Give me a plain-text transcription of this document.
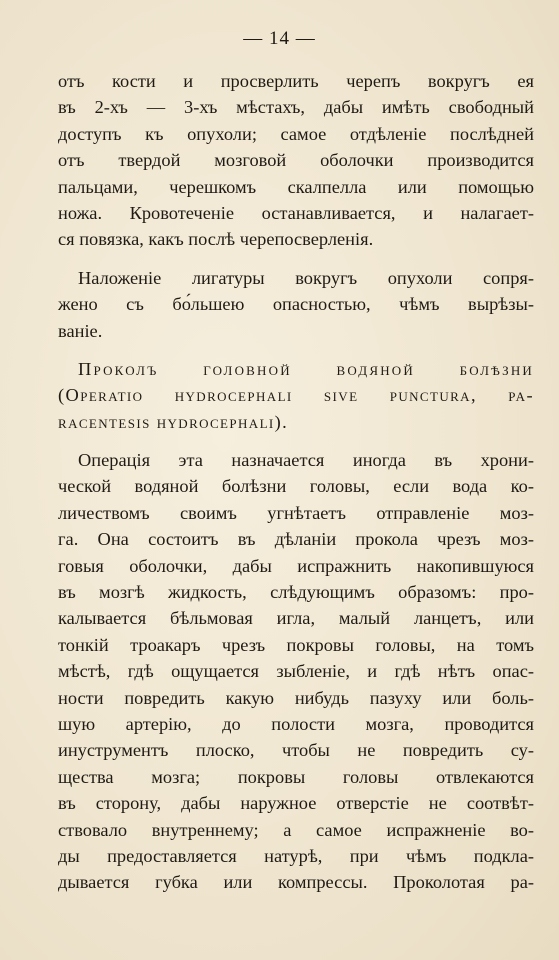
— 14 —
отъ кости и просверлить черепъ вокругъ ея
въ 2-хъ — 3-хъ мѣстахъ, дабы имѣть свободный
доступъ къ опухоли; самое отдѣленіе послѣдней
отъ твердой мозговой оболочки производится
пальцами, черешкомъ скалпелла или помощью
ножа. Кровотеченіе останавливается, и налагает-
ся повязка, какъ послѣ черепосверленія.
Наложеніе лигатуры вокругъ опухоли сопря-
жено съ бо́льшею опасностью, чѣмъ вырѣзы-
ваніе.
Проколъ головной водяной болѣзни
(Operatio hydrocephali sive punctura, pa-
racentesis hydrocephali).
Операція эта назначается иногда въ хрони-
ческой водяной болѣзни головы, если вода ко-
личествомъ своимъ угнѣтаетъ отправленіе моз-
га. Она состоитъ въ дѣланіи прокола чрезъ моз-
говыя оболочки, дабы испражнить накопившуюся
въ мозгѣ жидкость, слѣдующимъ образомъ: про-
калывается бѣльмовая игла, малый ланцетъ, или
тонкій троакаръ чрезъ покровы головы, на томъ
мѣстѣ, гдѣ ощущается зыбленіе, и гдѣ нѣтъ опас-
ности повредить какую нибудь пазуху или боль-
шую артерію, до полости мозга, проводится
инуструментъ плоско, чтобы не повредить су-
щества мозга; покровы головы отвлекаются
въ сторону, дабы наружное отверстіе не соотвѣт-
ствовало внутреннему; а самое испражненіе во-
ды предоставляется натурѣ, при чѣмъ подкла-
дывается губка или компрессы. Проколотая ра-
